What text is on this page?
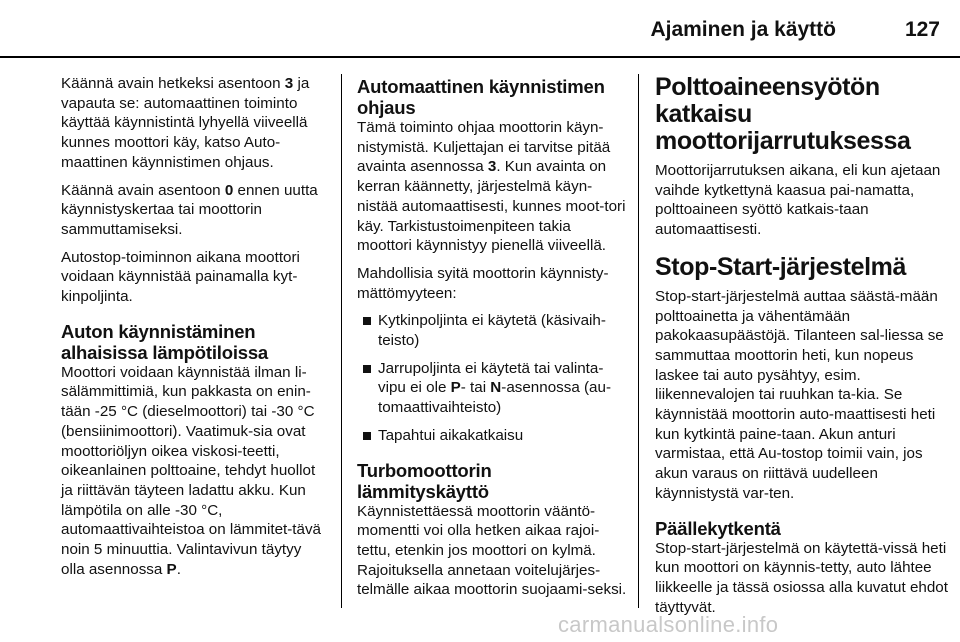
Ajaminen ja käyttö	127

Käännä avain hetkeksi asentoon 3 ja vapauta se: automaattinen toiminto käyttää käynnistintä lyhyellä viiveellä kunnes moottori käy, katso Auto-maattinen käynnistimen ohjaus.

Käännä avain asentoon 0 ennen uutta käynnistyskertaa tai moottorin sammuttamiseksi.

Autostop-toiminnon aikana moottori voidaan käynnistää painamalla kyt-kinpoljinta.

Auton käynnistäminen alhaisissa lämpötiloissa

Moottori voidaan käynnistää ilman li-sälämmittimiä, kun pakkasta on enin-tään -25 °C (dieselmoottori) tai -30 °C (bensiinimoottori). Vaatimuk-sia ovat moottoriöljyn oikea viskosi-teetti, oikeanlainen polttoaine, tehdyt huollot ja riittävän täyteen ladattu akku. Kun lämpötila on alle -30 °C, automaattivaihteistoa on lämmitet-tävä noin 5 minuuttia. Valintavivun täytyy olla asennossa P.

Automaattinen käynnistimen ohjaus

Tämä toiminto ohjaa moottorin käyn-nistymistä. Kuljettajan ei tarvitse pitää avainta asennossa 3. Kun avainta on kerran käännetty, järjestelmä käyn-nistää automaattisesti, kunnes moot-tori käy. Tarkistustoimenpiteen takia moottori käynnistyy pienellä viiveellä.

Mahdollisia syitä moottorin käynnisty-mättömyyteen:

Kytkinpoljinta ei käytetä (käsivaih-teisto)
Jarrupoljinta ei käytetä tai valinta-vipu ei ole P- tai N-asennossa (au-tomaattivaihteisto)
Tapahtui aikakatkaisu
Turbomoottorin lämmityskäyttö

Käynnistettäessä moottorin vääntö-momentti voi olla hetken aikaa rajoi-tettu, etenkin jos moottori on kylmä. Rajoituksella annetaan voitelujärjes-telmälle aikaa moottorin suojaami-seksi.

Polttoaineensyötön katkaisu moottorijarrutuksessa

Moottorijarrutuksen aikana, eli kun ajetaan vaihde kytkettynä kaasua pai-namatta, polttoaineen syöttö katkais-taan automaattisesti.

Stop-Start-järjestelmä

Stop-start-järjestelmä auttaa säästä-mään polttoainetta ja vähentämään pakokaasupäästöjä. Tilanteen sal-liessa se sammuttaa moottorin heti, kun nopeus laskee tai auto pysähtyy, esim. liikennevalojen tai ruuhkan ta-kia. Se käynnistää moottorin auto-maattisesti heti kun kytkintä paine-taan. Akun anturi varmistaa, että Au-tostop toimii vain, jos akun varaus on riittävä uudelleen käynnistystä var-ten.

Päällekytkentä

Stop-start-järjestelmä on käytettä-vissä heti kun moottori on käynnis-tetty, auto lähtee liikkeelle ja tässä osiossa alla kuvatut ehdot täyttyvät.

carmanualsonline.info
